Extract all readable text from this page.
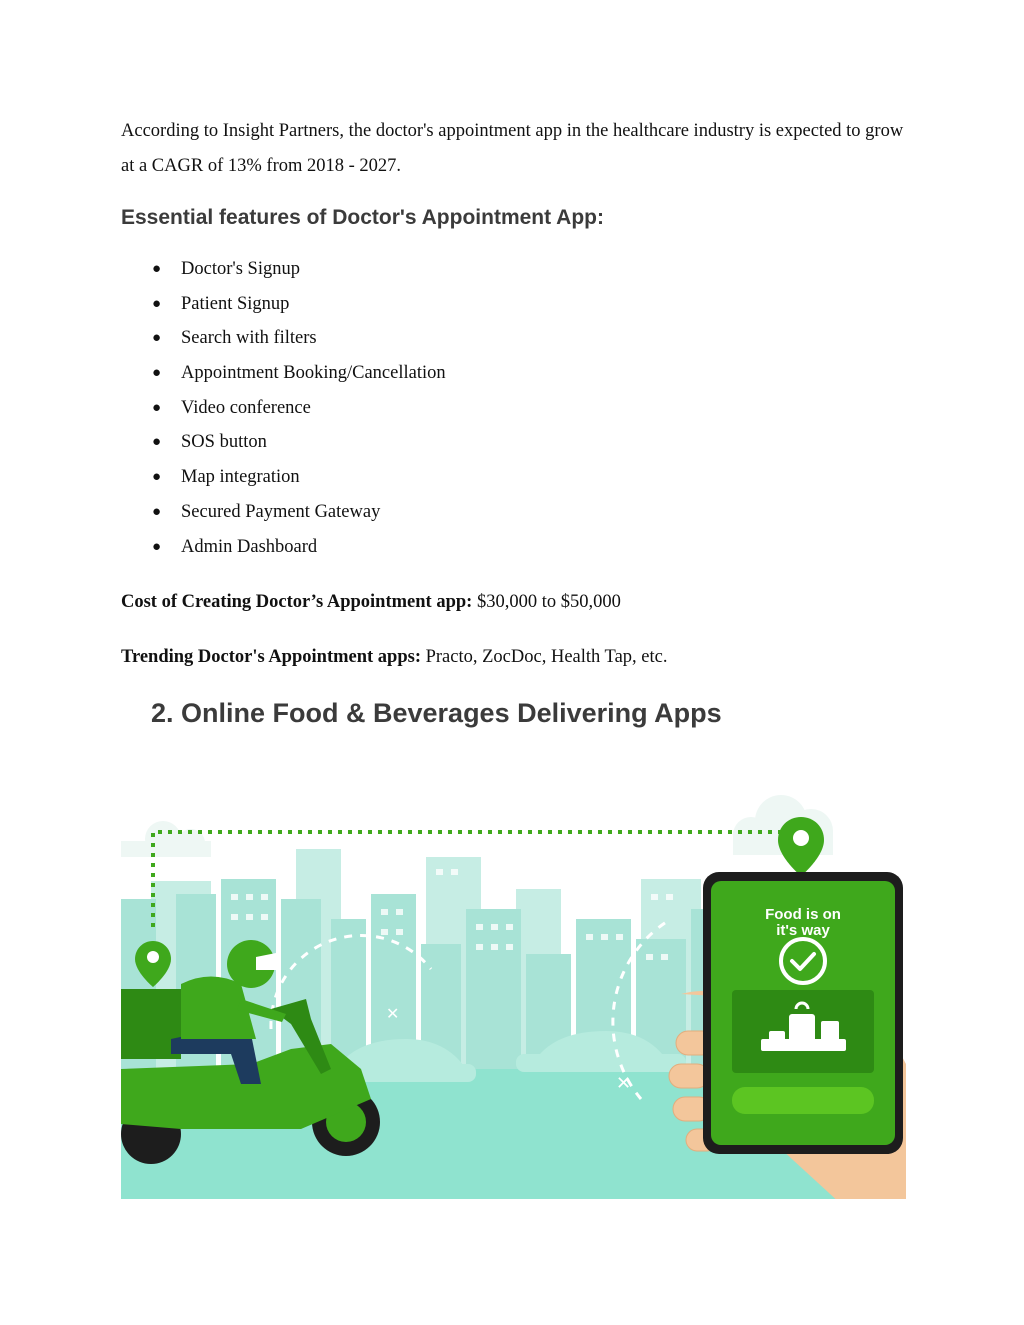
According to Insight Partners, the doctor's appointment app in the healthcare industry is expected to grow at a CAGR of 13% from 2018 - 2027.

Essential features of Doctor's Appointment App:
● Doctor's Signup
● Patient Signup
● Search with filters
● Appointment Booking/Cancellation
● Video conference
● SOS button
● Map integration
● Secured Payment Gateway
● Admin Dashboard

Cost of Creating Doctor’s Appointment app: $30,000 to $50,000

Trending Doctor's Appointment apps: Practo, ZocDoc, Health Tap, etc.

2. Online Food & Beverages Delivering Apps
Food is on
it's way
✕
✕
